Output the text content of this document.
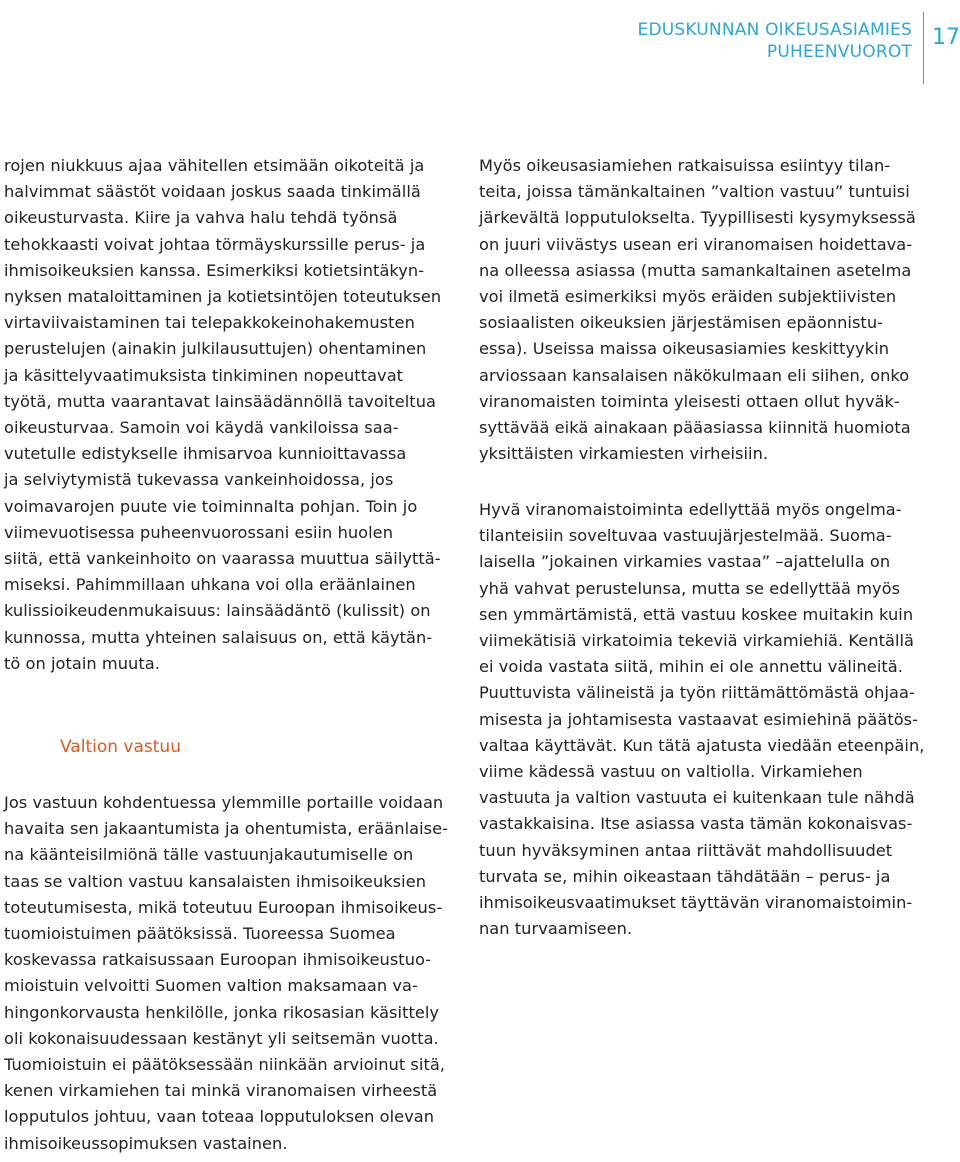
EDUSKUNNAN OIKEUSASIAMIES
PUHEENVUOROT
17
rojen niukkuus ajaa vähitellen etsimään oikoteitä ja
halvimmat säästöt voidaan joskus saada tinkimällä
oikeusturvasta. Kiire ja vahva halu tehdä työnsä
tehokkaasti voivat johtaa törmäyskurssille perus- ja
ihmisoikeuksien kanssa. Esimerkiksi kotietsintäkyn-
nyksen mataloittaminen ja kotietsintöjen toteutuksen
virtaviivaistaminen tai telepakkokeinohakemusten
perustelujen (ainakin julkilausuttujen) ohentaminen
ja käsittelyvaatimuksista tinkiminen nopeuttavat
työtä, mutta vaarantavat lainsäädännöllä tavoiteltua
oikeusturvaa. Samoin voi käydä vankiloissa saa-
vutetulle edistykselle ihmisarvoa kunnioittavassa
ja selviytymistä tukevassa vankeinhoidossa, jos
voimavarojen puute vie toiminnalta pohjan. Toin jo
viimevuotisessa puheenvuorossani esiin huolen
siitä, että vankeinhoito on vaarassa muuttua säilyttä-
miseksi. Pahimmillaan uhkana voi olla eräänlainen
kulissioikeudenmukaisuus: lainsäädäntö (kulissit) on
kunnossa, mutta yhteinen salaisuus on, että käytän-
tö on jotain muuta.
Valtion vastuu
Jos vastuun kohdentuessa ylemmille portaille voidaan
havaita sen jakaantumista ja ohentumista, eräänlaise-
na käänteisilmiönä tälle vastuunjakautumiselle on
taas se valtion vastuu kansalaisten ihmisoikeuksien
toteutumisesta, mikä toteutuu Euroopan ihmisoikeus-
tuomioistuimen päätöksissä. Tuoreessa Suomea
koskevassa ratkaisussaan Euroopan ihmisoikeustuo-
mioistuin velvoitti Suomen valtion maksamaan va-
hingonkorvausta henkilölle, jonka rikosasian käsittely
oli kokonaisuudessaan kestänyt yli seitsemän vuotta.
Tuomioistuin ei päätöksessään niinkään arvioinut sitä,
kenen virkamiehen tai minkä viranomaisen virheestä
lopputulos johtuu, vaan toteaa lopputuloksen olevan
ihmisoikeussopimuksen vastainen.
Myös oikeusasiamiehen ratkaisuissa esiintyy tilan-
teita, joissa tämänkaltainen ”valtion vastuu” tuntuisi
järkevältä lopputulokselta. Tyypillisesti kysymyksessä
on juuri viivästys usean eri viranomaisen hoidettava-
na olleessa asiassa (mutta samankaltainen asetelma
voi ilmetä esimerkiksi myös eräiden subjektiivisten
sosiaalisten oikeuksien järjestämisen epäonnistu-
essa). Useissa maissa oikeusasiamies keskittyykin
arviossaan kansalaisen näkökulmaan eli siihen, onko
viranomaisten toiminta yleisesti ottaen ollut hyväk-
syttävää eikä ainakaan pääasiassa kiinnitä huomiota
yksittäisten virkamiesten virheisiin.
Hyvä viranomaistoiminta edellyttää myös ongelma-
tilanteisiin soveltuvaa vastuujärjestelmää. Suoma-
laisella ”jokainen virkamies vastaa” –ajattelulla on
yhä vahvat perustelunsa, mutta se edellyttää myös
sen ymmärtämistä, että vastuu koskee muitakin kuin
viimekätisiä virkatoimia tekeviä virkamiehiä. Kentällä
ei voida vastata siitä, mihin ei ole annettu välineitä.
Puuttuvista välineistä ja työn riittämättömästä ohjaa-
misesta ja johtamisesta vastaavat esimiehinä päätös-
valtaa käyttävät. Kun tätä ajatusta viedään eteenpäin,
viime kädessä vastuu on valtiolla. Virkamiehen
vastuuta ja valtion vastuuta ei kuitenkaan tule nähdä
vastakkaisina. Itse asiassa vasta tämän kokonaisvas-
tuun hyväksyminen antaa riittävät mahdollisuudet
turvata se, mihin oikeastaan tähdätään – perus- ja
ihmisoikeusvaatimukset täyttävän viranomaistoimin-
nan turvaamiseen.
